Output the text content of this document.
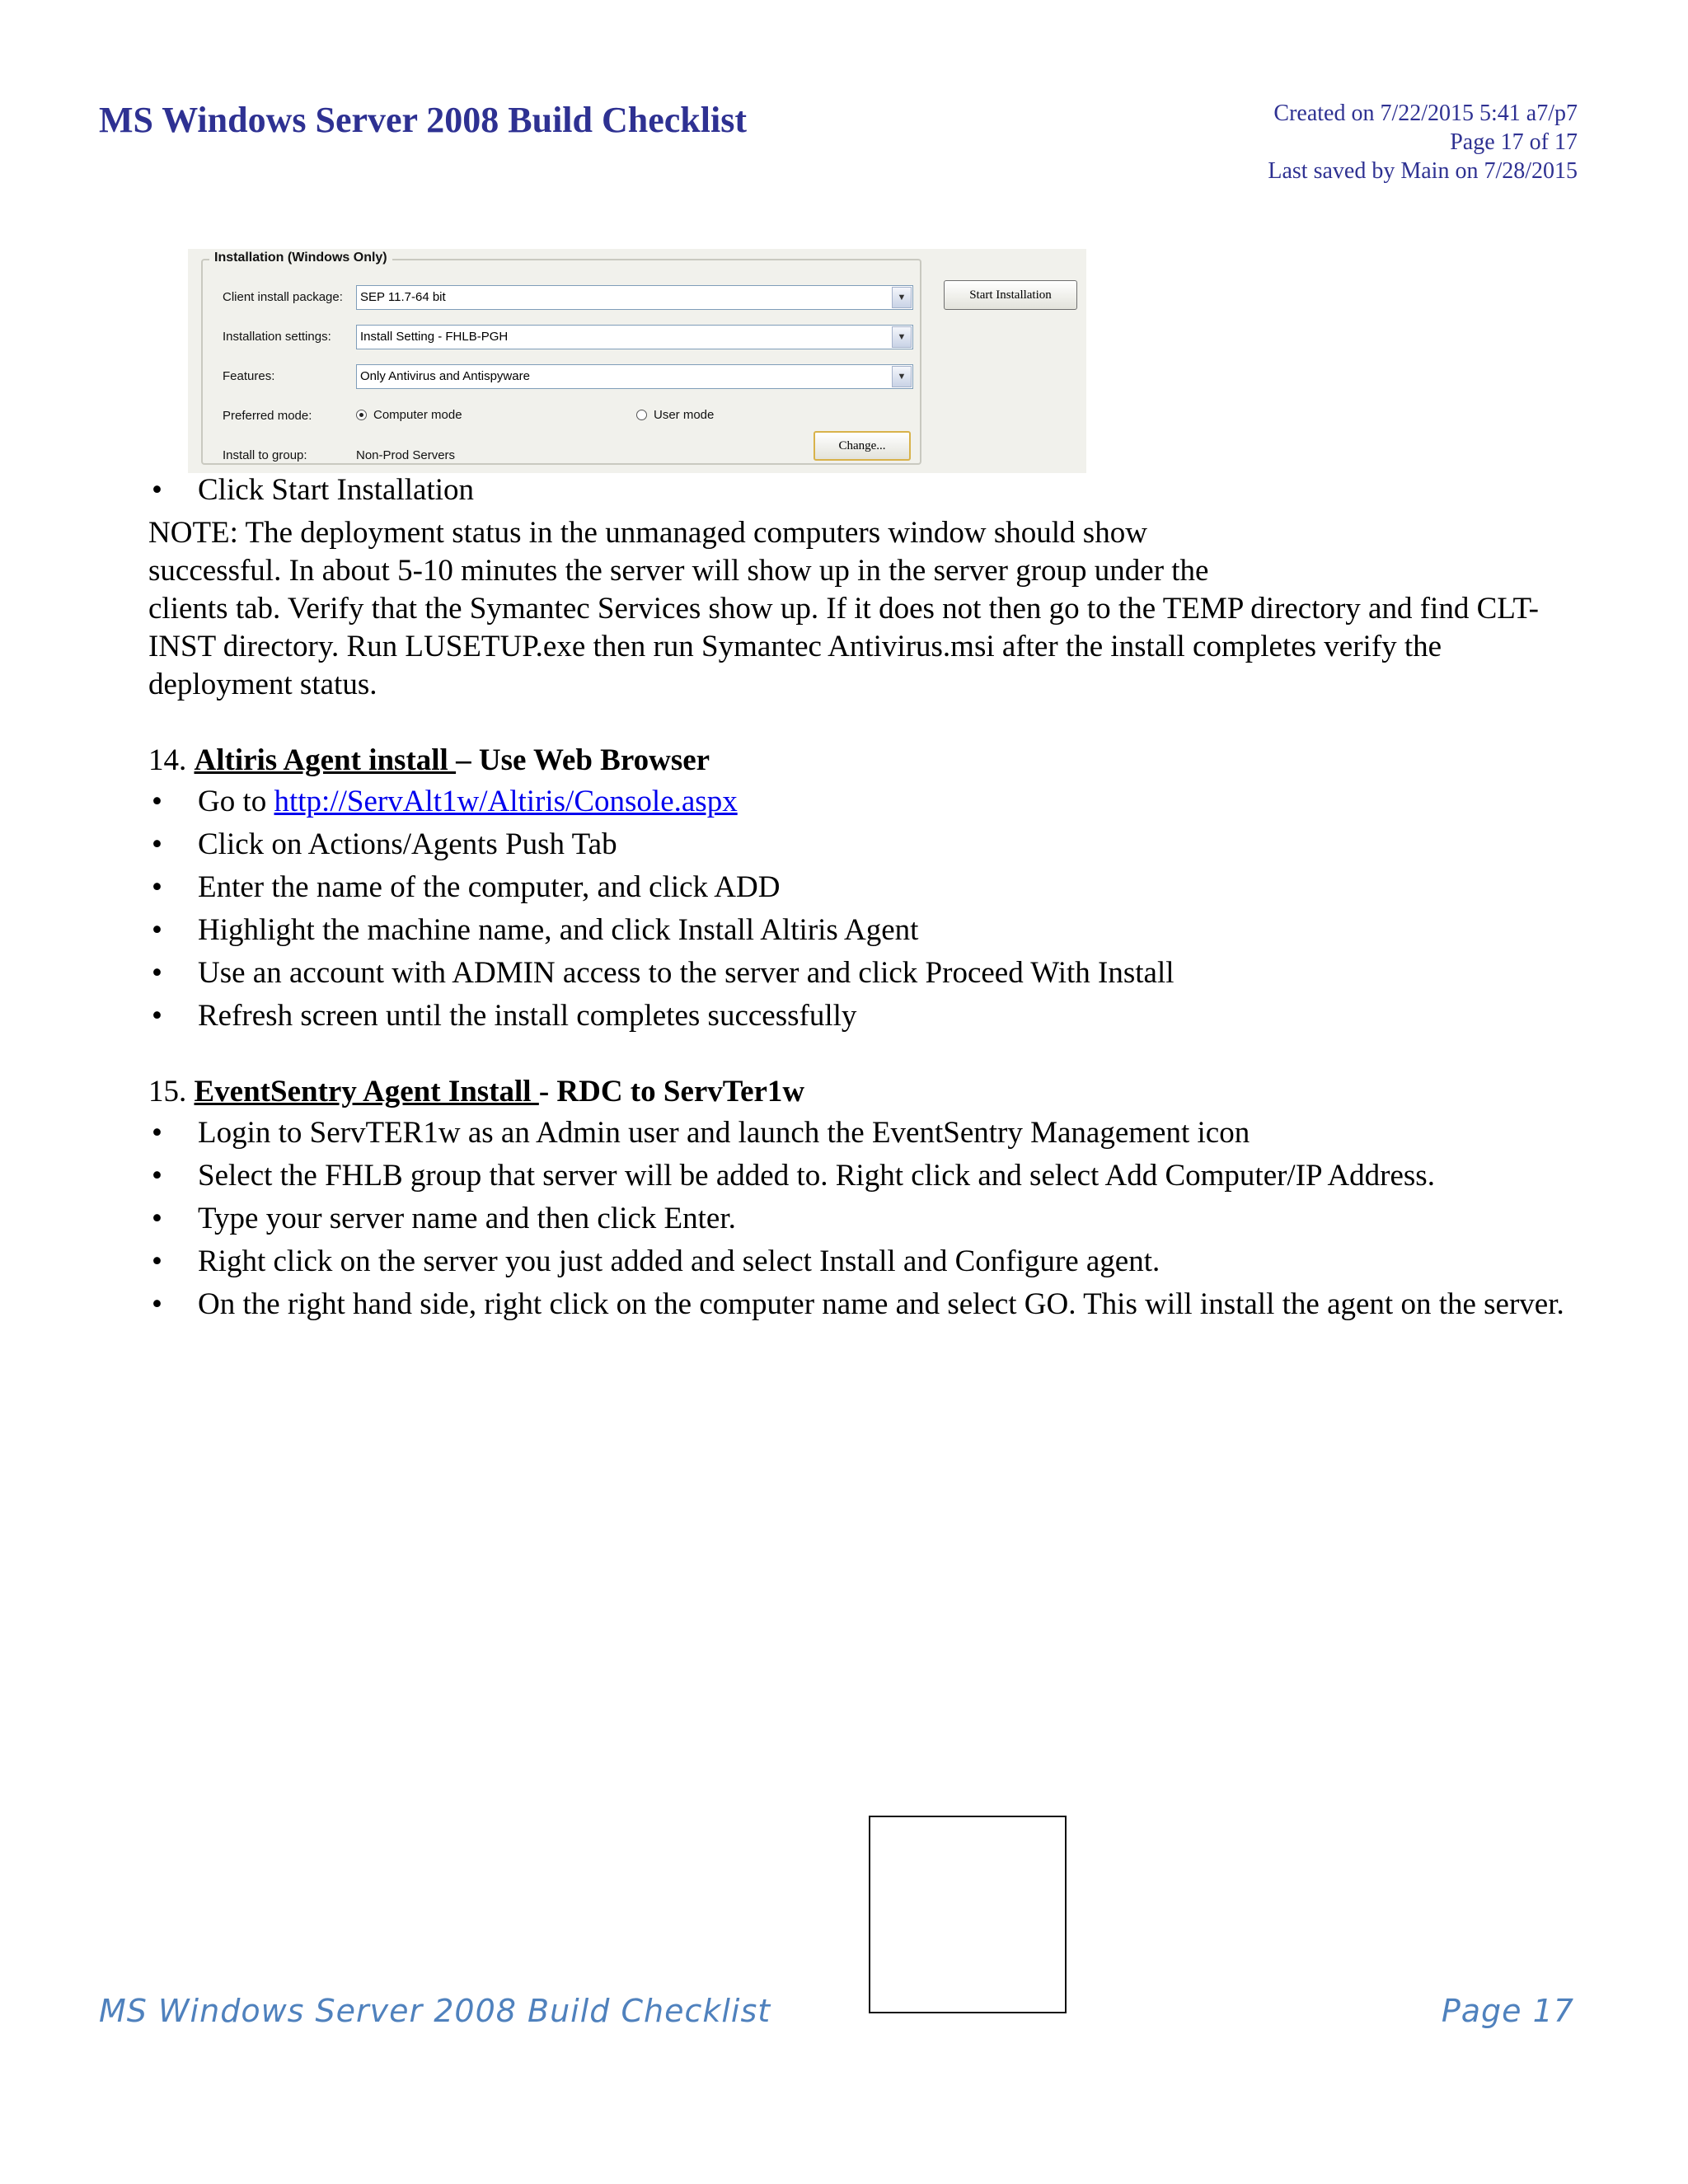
MS Windows Server 2008 Build Checklist	Created on 7/22/2015 5:41 a7/p7
Page 17 of 17
Last saved by Main on 7/28/2015
Installation (Windows Only)
Client install package:	SEP 11.7-64 bit	▼
Installation settings:	Install Setting - FHLB-PGH	▼
Features:	Only Antivirus and Antispyware	▼
Preferred mode:	Computer mode	User mode
Install to group:	Non-Prod Servers
Start Installation
Change...
• Click Start Installation
NOTE: The deployment status in the unmanaged computers window should show
successful. In about 5-10 minutes the server will show up in the server group under the
clients tab. Verify that the Symantec Services show up. If it does not then go to the TEMP directory and find CLT-INST directory. Run LUSETUP.exe then run Symantec Antivirus.msi after the install completes verify the deployment status.
14. Altiris Agent install – Use Web Browser
• Go to http://ServAlt1w/Altiris/Console.aspx
• Click on Actions/Agents Push Tab
• Enter the name of the computer, and click ADD
• Highlight the machine name, and click Install Altiris Agent
• Use an account with ADMIN access to the server and click Proceed With Install
• Refresh screen until the install completes successfully
15. EventSentry Agent Install - RDC to ServTer1w
• Login to ServTER1w as an Admin user and launch the EventSentry Management icon
• Select the FHLB group that server will be added to. Right click and select Add Computer/IP Address.
• Type your server name and then click Enter.
• Right click on the server you just added and select Install and Configure agent.
• On the right hand side, right click on the computer name and select GO. This will install the agent on the server.
MS Windows Server 2008 Build Checklist	Page 17
